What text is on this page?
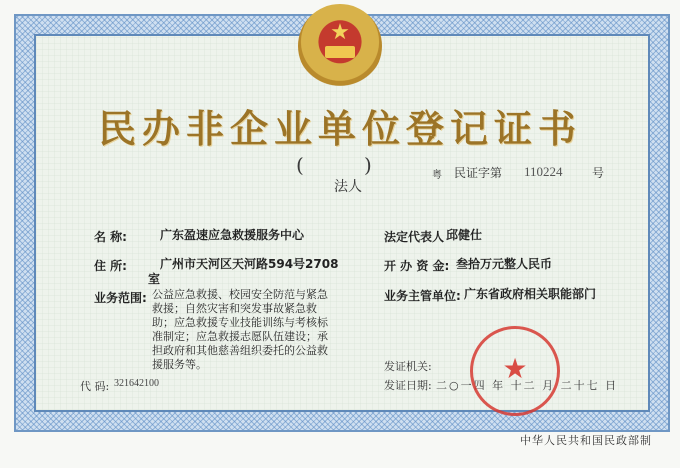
★
民办非企业单位登记证书
(	)
法人
粤 民证字第 110224 号
名 称:	广东盈速应急救援服务中心
住 所:	广州市天河区天河路594号2708
室
业务范围: 公益应急救援、校园安全防范与紧急救援；自然灾害和突发事故紧急救助；应急救援专业技能训练与考核标准制定；应急救援志愿队伍建设；承担政府和其他慈善组织委托的公益救援服务等。
法定代表人 邱健仕
开 办 资 金: 叁拾万元整人民币
业务主管单位: 广东省政府相关职能部门
代 码: 321642100
发证机关:
发证日期: 二○一四 年 十二 月 二十七 日
★
中华人民共和国民政部制
